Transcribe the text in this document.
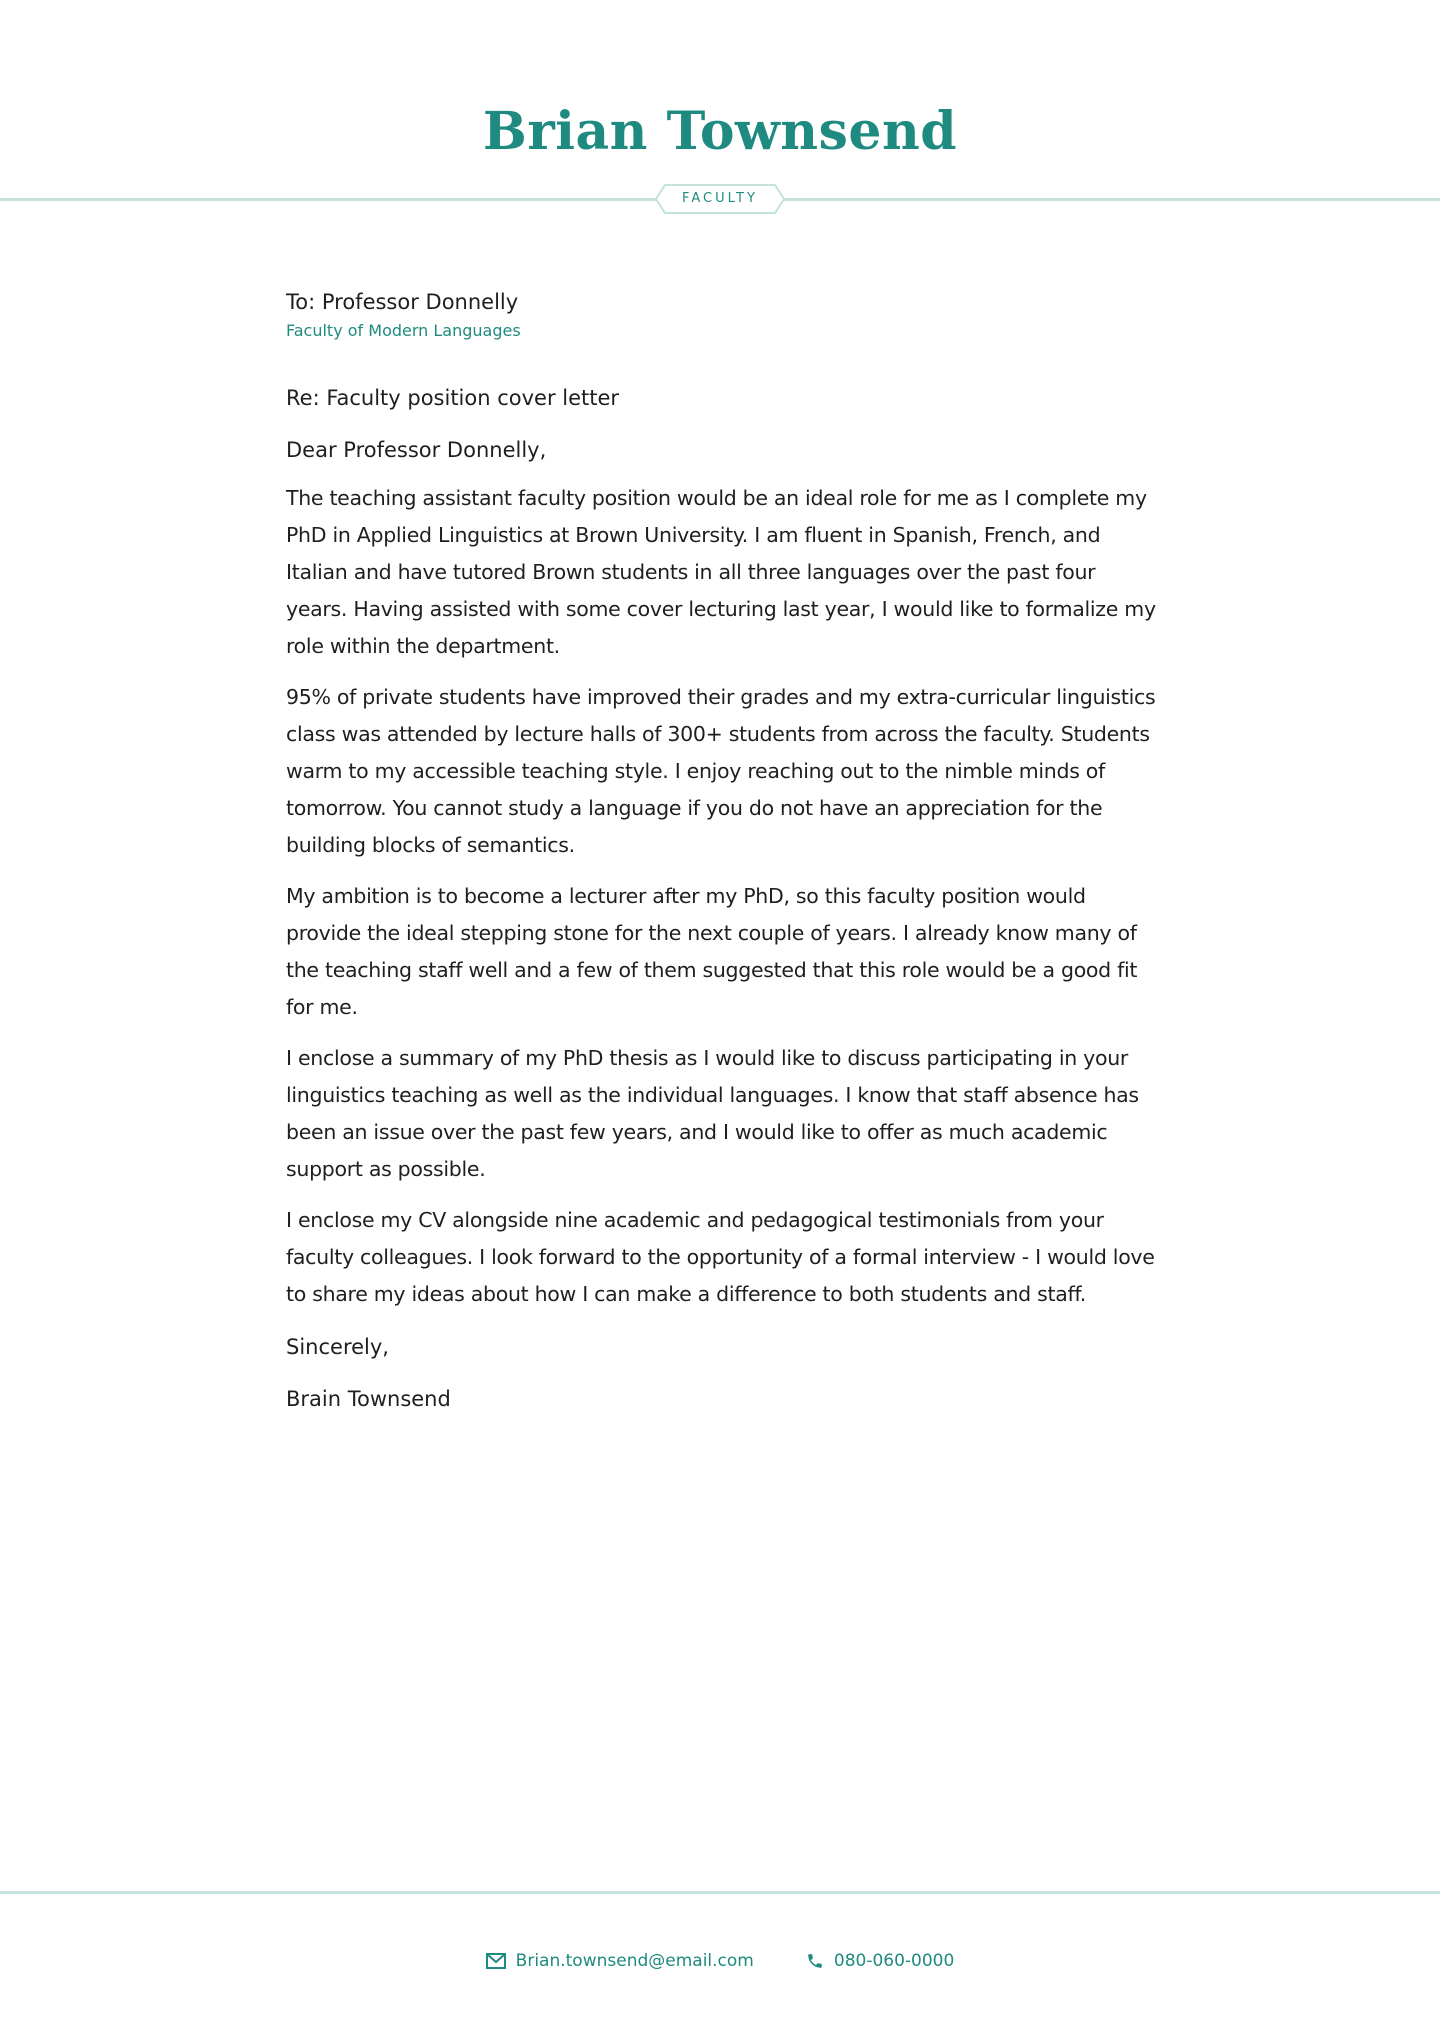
Brian Townsend
FACULTY

To: Professor Donnelly

Faculty of Modern Languages

Re: Faculty position cover letter

Dear Professor Donnelly,

The teaching assistant faculty position would be an ideal role for me as I complete my PhD in Applied Linguistics at Brown University. I am fluent in Spanish, French, and Italian and have tutored Brown students in all three languages over the past four years. Having assisted with some cover lecturing last year, I would like to formalize my role within the department.

95% of private students have improved their grades and my extra-curricular linguistics class was attended by lecture halls of 300+ students from across the faculty. Students warm to my accessible teaching style. I enjoy reaching out to the nimble minds of tomorrow. You cannot study a language if you do not have an appreciation for the building blocks of semantics.

My ambition is to become a lecturer after my PhD, so this faculty position would provide the ideal stepping stone for the next couple of years. I already know many of the teaching staff well and a few of them suggested that this role would be a good fit for me.

I enclose a summary of my PhD thesis as I would like to discuss participating in your linguistics teaching as well as the individual languages. I know that staff absence has been an issue over the past few years, and I would like to offer as much academic support as possible.

I enclose my CV alongside nine academic and pedagogical testimonials from your faculty colleagues. I look forward to the opportunity of a formal interview - I would love to share my ideas about how I can make a difference to both students and staff.

Sincerely,

Brain Townsend

Brian.townsend@email.com	080-060-0000
